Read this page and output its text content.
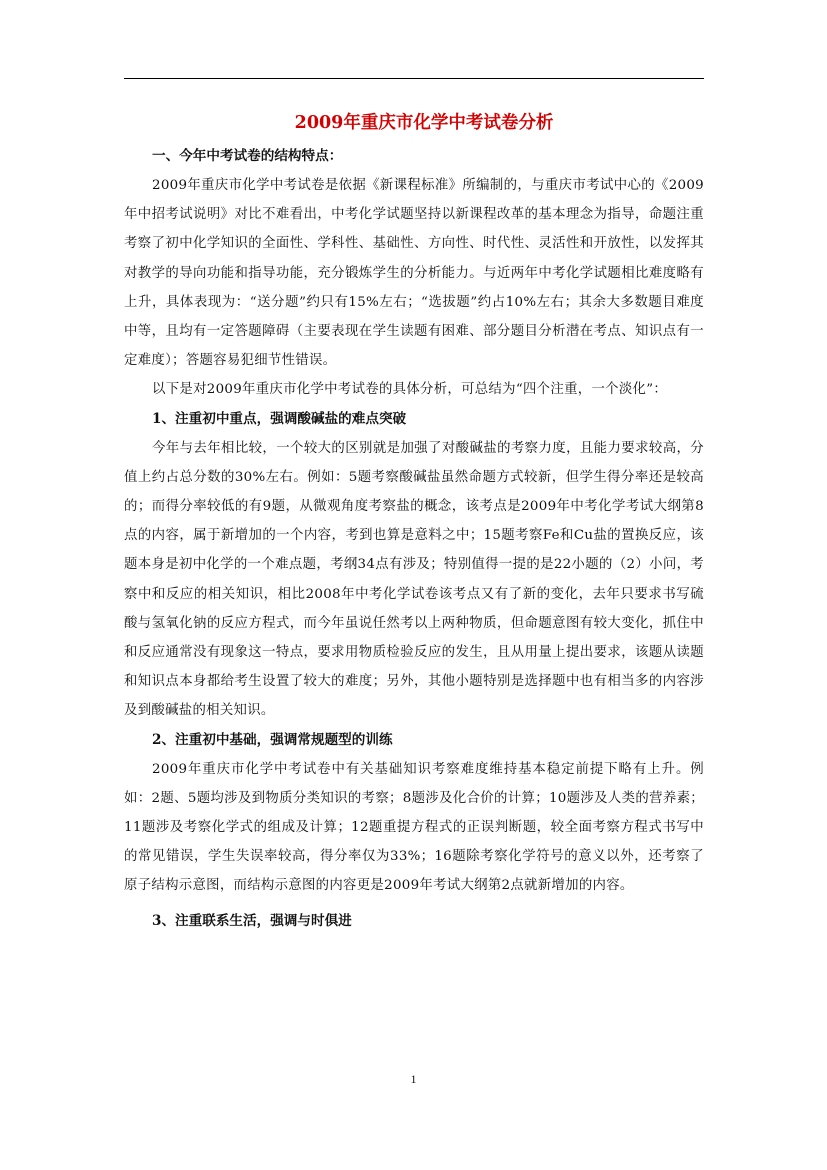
2009年重庆市化学中考试卷分析

一、今年中考试卷的结构特点：

2009年重庆市化学中考试卷是依据《新课程标准》所编制的，与重庆市考试中心的《2009年中招考试说明》对比不难看出，中考化学试题坚持以新课程改革的基本理念为指导，命题注重考察了初中化学知识的全面性、学科性、基础性、方向性、时代性、灵活性和开放性，以发挥其对教学的导向功能和指导功能，充分锻炼学生的分析能力。与近两年中考化学试题相比难度略有上升，具体表现为：“送分题”约只有15%左右；“选拔题”约占10%左右；其余大多数题目难度中等，且均有一定答题障碍（主要表现在学生读题有困难、部分题目分析潜在考点、知识点有一定难度）；答题容易犯细节性错误。

以下是对2009年重庆市化学中考试卷的具体分析，可总结为“四个注重，一个淡化”：

1、注重初中重点，强调酸碱盐的难点突破

今年与去年相比较，一个较大的区别就是加强了对酸碱盐的考察力度，且能力要求较高，分值上约占总分数的30%左右。例如：5题考察酸碱盐虽然命题方式较新，但学生得分率还是较高的；而得分率较低的有9题，从微观角度考察盐的概念，该考点是2009年中考化学考试大纲第8点的内容，属于新增加的一个内容，考到也算是意料之中；15题考察Fe和Cu盐的置换反应，该题本身是初中化学的一个难点题，考纲34点有涉及；特别值得一提的是22小题的（2）小问，考察中和反应的相关知识，相比2008年中考化学试卷该考点又有了新的变化，去年只要求书写硫酸与氢氧化钠的反应方程式，而今年虽说任然考以上两种物质，但命题意图有较大变化，抓住中和反应通常没有现象这一特点，要求用物质检验反应的发生，且从用量上提出要求，该题从读题和知识点本身都给考生设置了较大的难度；另外，其他小题特别是选择题中也有相当多的内容涉及到酸碱盐的相关知识。

2、注重初中基础，强调常规题型的训练

2009年重庆市化学中考试卷中有关基础知识考察难度维持基本稳定前提下略有上升。例如：2题、5题均涉及到物质分类知识的考察；8题涉及化合价的计算；10题涉及人类的营养素；11题涉及考察化学式的组成及计算；12题重提方程式的正误判断题，较全面考察方程式书写中的常见错误，学生失误率较高，得分率仅为33%；16题除考察化学符号的意义以外，还考察了原子结构示意图，而结构示意图的内容更是2009年考试大纲第2点就新增加的内容。

3、注重联系生活，强调与时俱进

1
